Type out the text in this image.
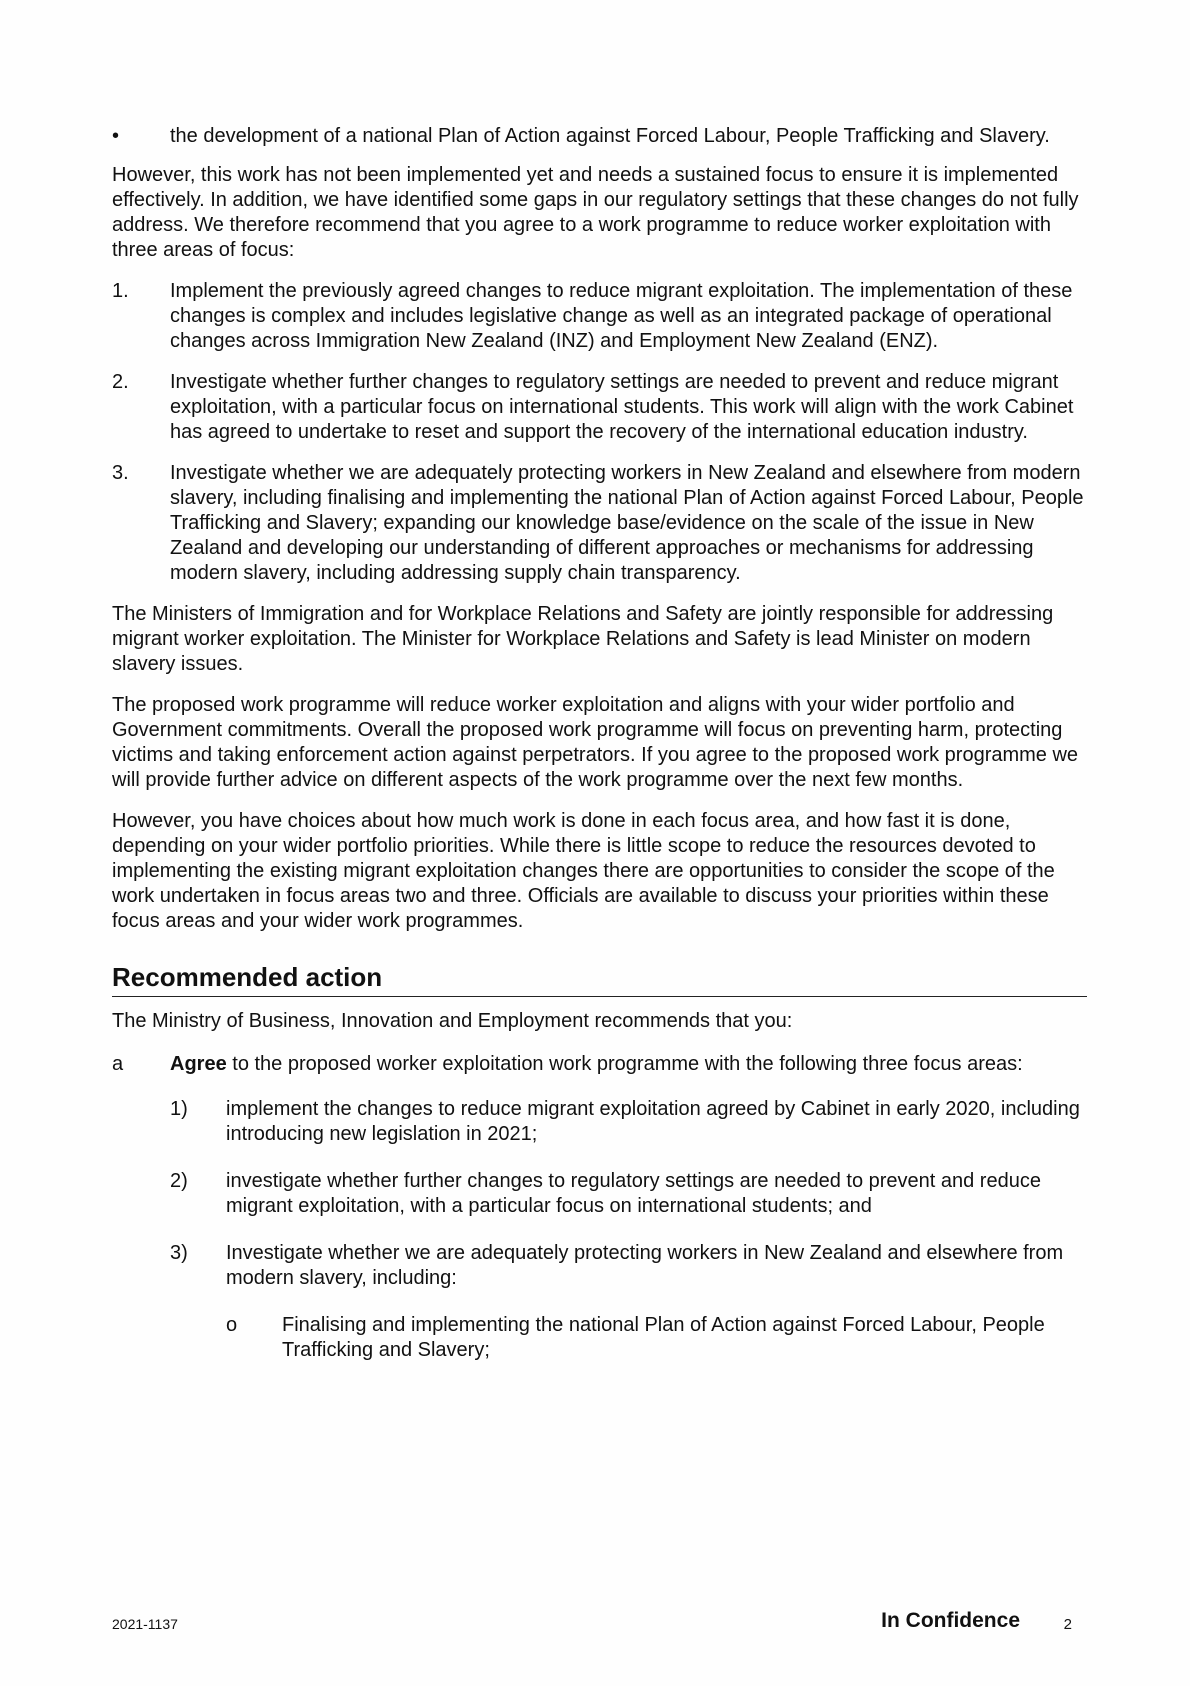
•	the development of a national Plan of Action against Forced Labour, People Trafficking and Slavery.

However, this work has not been implemented yet and needs a sustained focus to ensure it is implemented effectively. In addition, we have identified some gaps in our regulatory settings that these changes do not fully address. We therefore recommend that you agree to a work programme to reduce worker exploitation with three areas of focus:

1.	Implement the previously agreed changes to reduce migrant exploitation. The implementation of these changes is complex and includes legislative change as well as an integrated package of operational changes across Immigration New Zealand (INZ) and Employment New Zealand (ENZ).
2.	Investigate whether further changes to regulatory settings are needed to prevent and reduce migrant exploitation, with a particular focus on international students. This work will align with the work Cabinet has agreed to undertake to reset and support the recovery of the international education industry.
3.	Investigate whether we are adequately protecting workers in New Zealand and elsewhere from modern slavery, including finalising and implementing the national Plan of Action against Forced Labour, People Trafficking and Slavery; expanding our knowledge base/evidence on the scale of the issue in New Zealand and developing our understanding of different approaches or mechanisms for addressing modern slavery, including addressing supply chain transparency.

The Ministers of Immigration and for Workplace Relations and Safety are jointly responsible for addressing migrant worker exploitation. The Minister for Workplace Relations and Safety is lead Minister on modern slavery issues.

The proposed work programme will reduce worker exploitation and aligns with your wider portfolio and Government commitments. Overall the proposed work programme will focus on preventing harm, protecting victims and taking enforcement action against perpetrators. If you agree to the proposed work programme we will provide further advice on different aspects of the work programme over the next few months.

However, you have choices about how much work is done in each focus area, and how fast it is done, depending on your wider portfolio priorities. While there is little scope to reduce the resources devoted to implementing the existing migrant exploitation changes there are opportunities to consider the scope of the work undertaken in focus areas two and three. Officials are available to discuss your priorities within these focus areas and your wider work programmes.

Recommended action

The Ministry of Business, Innovation and Employment recommends that you:

a	Agree to the proposed worker exploitation work programme with the following three focus areas:
1)	implement the changes to reduce migrant exploitation agreed by Cabinet in early 2020, including introducing new legislation in 2021;
2)	investigate whether further changes to regulatory settings are needed to prevent and reduce migrant exploitation, with a particular focus on international students; and
3)	Investigate whether we are adequately protecting workers in New Zealand and elsewhere from modern slavery, including:
o	Finalising and implementing the national Plan of Action against Forced Labour, People Trafficking and Slavery;
2021-1137	In Confidence	2
